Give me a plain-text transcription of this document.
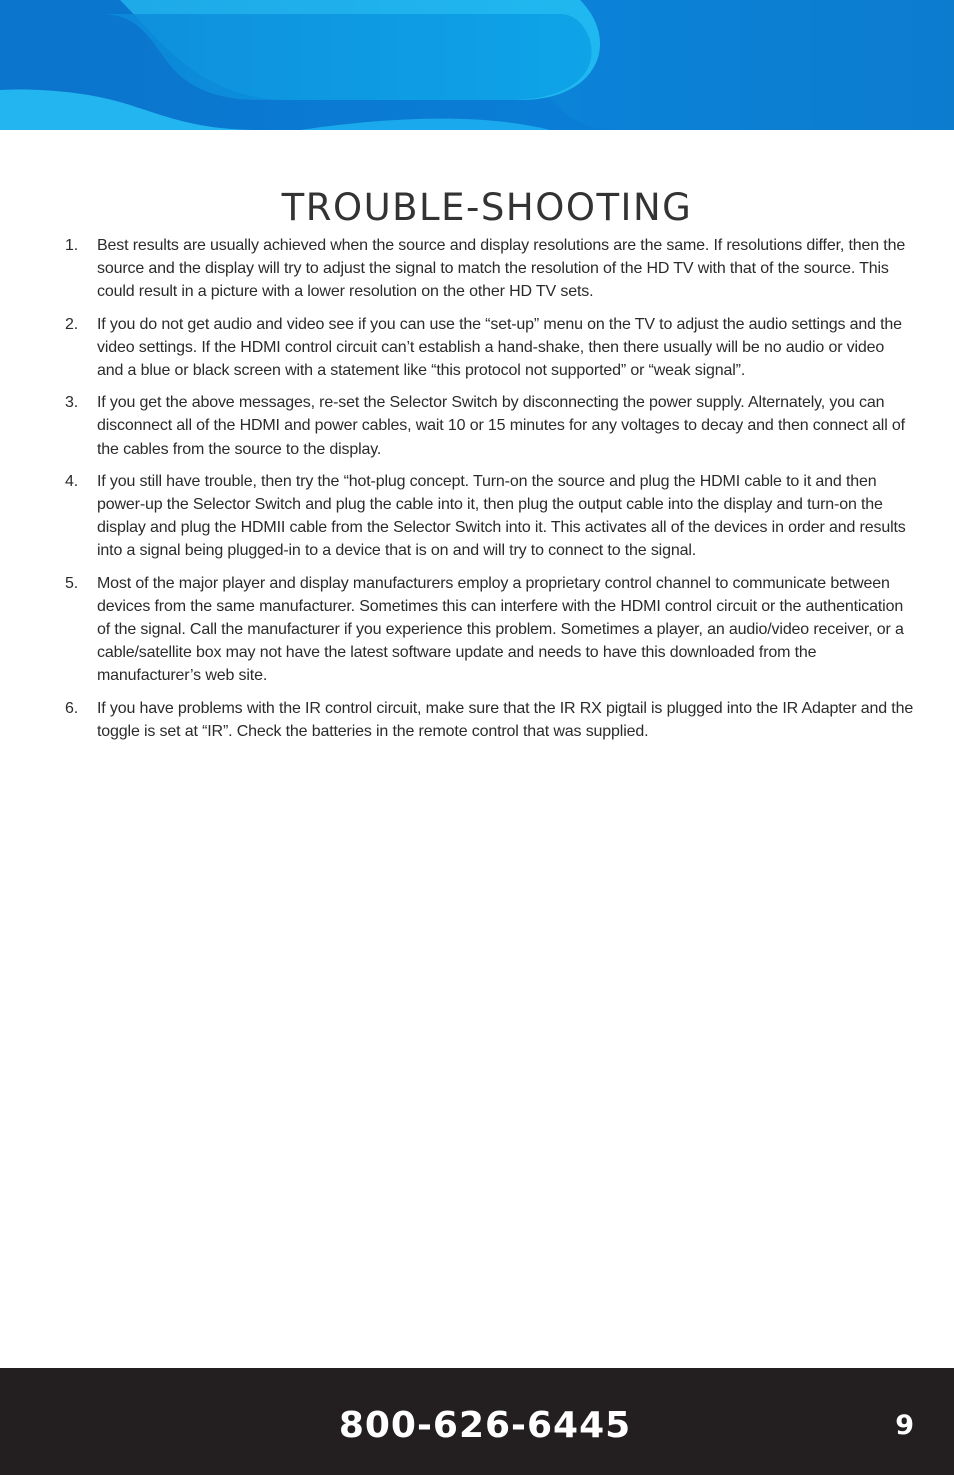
TROUBLE-SHOOTING
1. Best results are usually achieved when the source and display resolutions are the same. If resolutions differ, then the source and the display will try to adjust the signal to match the resolution of the HD TV with that of the source. This could result in a picture with a lower resolution on the other HD TV sets.
2. If you do not get audio and video see if you can use the “set-up” menu on the TV to adjust the audio settings and the video settings. If the HDMI control circuit can’t establish a hand-shake, then there usually will be no audio or video and a blue or black screen with a statement like “this protocol not supported” or “weak signal”.
3. If you get the above messages, re-set the Selector Switch by disconnecting the power supply. Alternately, you can disconnect all of the HDMI and power cables, wait 10 or 15 minutes for any voltages to decay and then connect all of the cables from the source to the display.
4. If you still have trouble, then try the “hot-plug concept. Turn-on the source and plug the HDMI cable to it and then power-up the Selector Switch and plug the cable into it, then plug the output cable into the display and turn-on the display and plug the HDMII cable from the Selector Switch into it. This activates all of the devices in order and results into a signal being plugged-in to a device that is on and will try to connect to the signal.
5. Most of the major player and display manufacturers employ a proprietary control channel to communicate between devices from the same manufacturer. Sometimes this can interfere with the HDMI control circuit or the authentication of the signal. Call the manufacturer if you experience this problem. Sometimes a player, an audio/video receiver, or a cable/satellite box may not have the latest software update and needs to have this downloaded from the manufacturer’s web site.
6. If you have problems with the IR control circuit, make sure that the IR RX pigtail is plugged into the IR Adapter and the toggle is set at “IR”. Check the batteries in the remote control that was supplied.
800-626-6445	9
